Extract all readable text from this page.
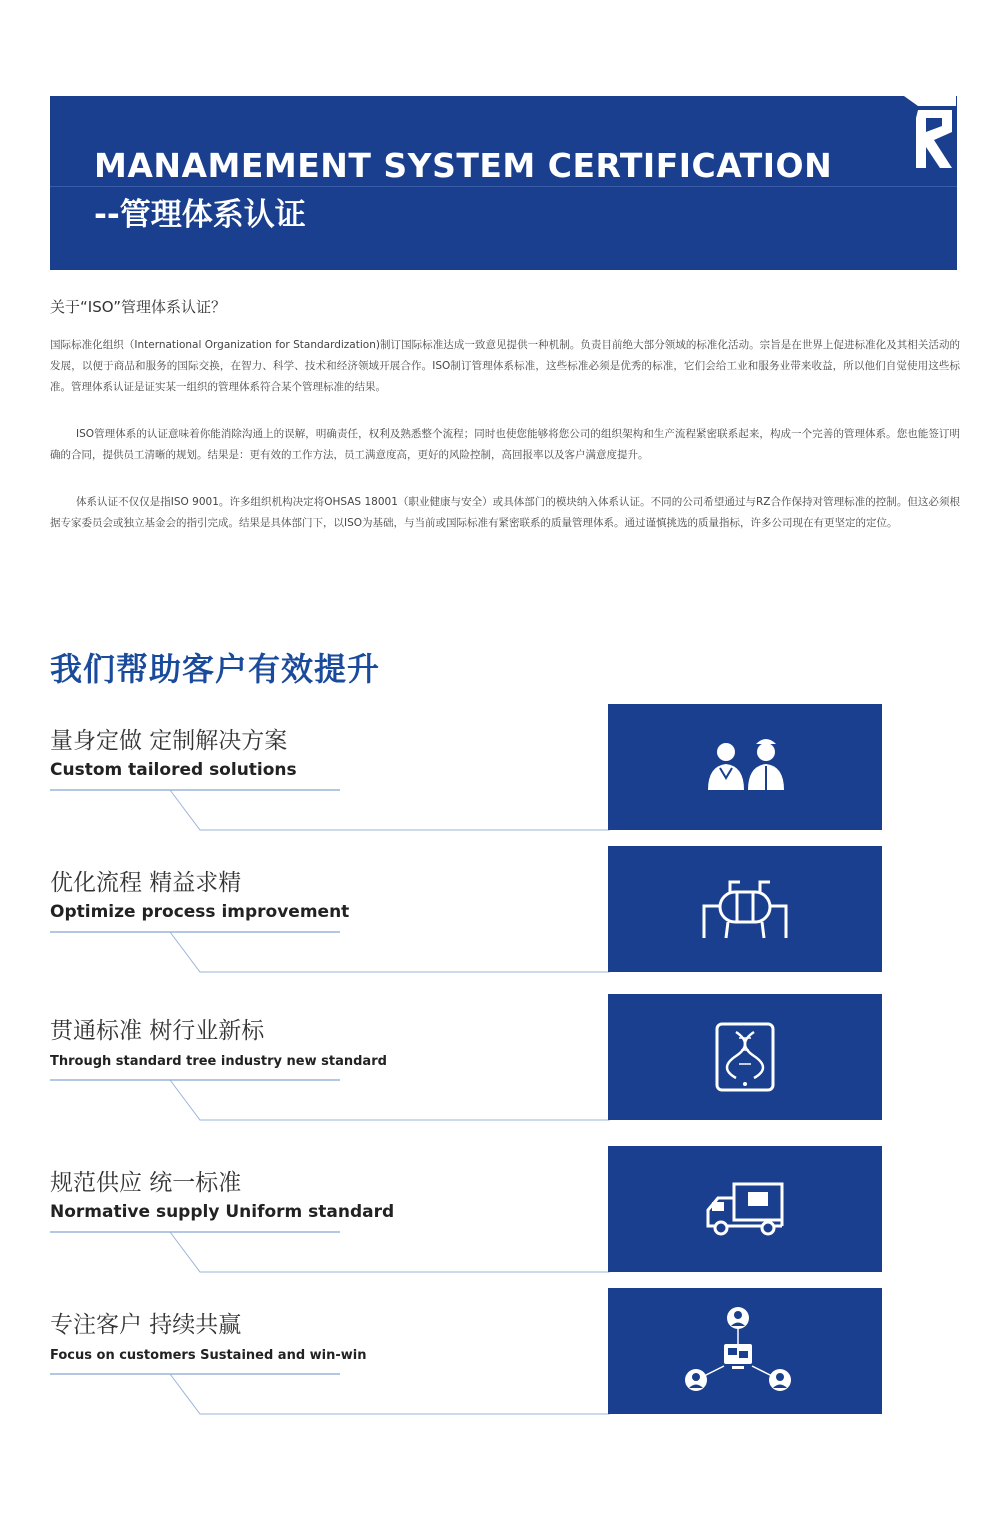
MANAMEMENT SYSTEM CERTIFICATION
--管理体系认证
关于“ISO”管理体系认证？

国际标准化组织（International Organization for Standardization)制订国际标准达成一致意见提供一种机制。负责目前绝大部分领域的标准化活动。宗旨是在世界上促进标准化及其相关活动的发展，以便于商品和服务的国际交换，在智力、科学、技术和经济领域开展合作。ISO制订管理体系标准，这些标准必须是优秀的标准，它们会给工业和服务业带来收益，所以他们自觉使用这些标准。管理体系认证是证实某一组织的管理体系符合某个管理标准的结果。

ISO管理体系的认证意味着你能消除沟通上的误解，明确责任，权利及熟悉整个流程；同时也使您能够将您公司的组织架构和生产流程紧密联系起来，构成一个完善的管理体系。您也能签订明确的合同，提供员工清晰的规划。结果是：更有效的工作方法，员工满意度高，更好的风险控制，高回报率以及客户满意度提升。

体系认证不仅仅是指ISO 9001。许多组织机构决定将OHSAS 18001（职业健康与安全）或具体部门的模块纳入体系认证。不同的公司希望通过与RZ合作保持对管理标准的控制。但这必须根据专家委员会或独立基金会的指引完成。结果是具体部门下，以ISO为基础，与当前或国际标准有紧密联系的质量管理体系。通过谨慎挑选的质量指标，许多公司现在有更坚定的定位。

我们帮助客户有效提升
量身定做 定制解决方案
Custom tailored solutions
优化流程 精益求精
Optimize process improvement
贯通标准 树行业新标
Through standard tree industry new standard
规范供应 统一标准
Normative supply Uniform standard
专注客户 持续共赢
Focus on customers Sustained and win-win
